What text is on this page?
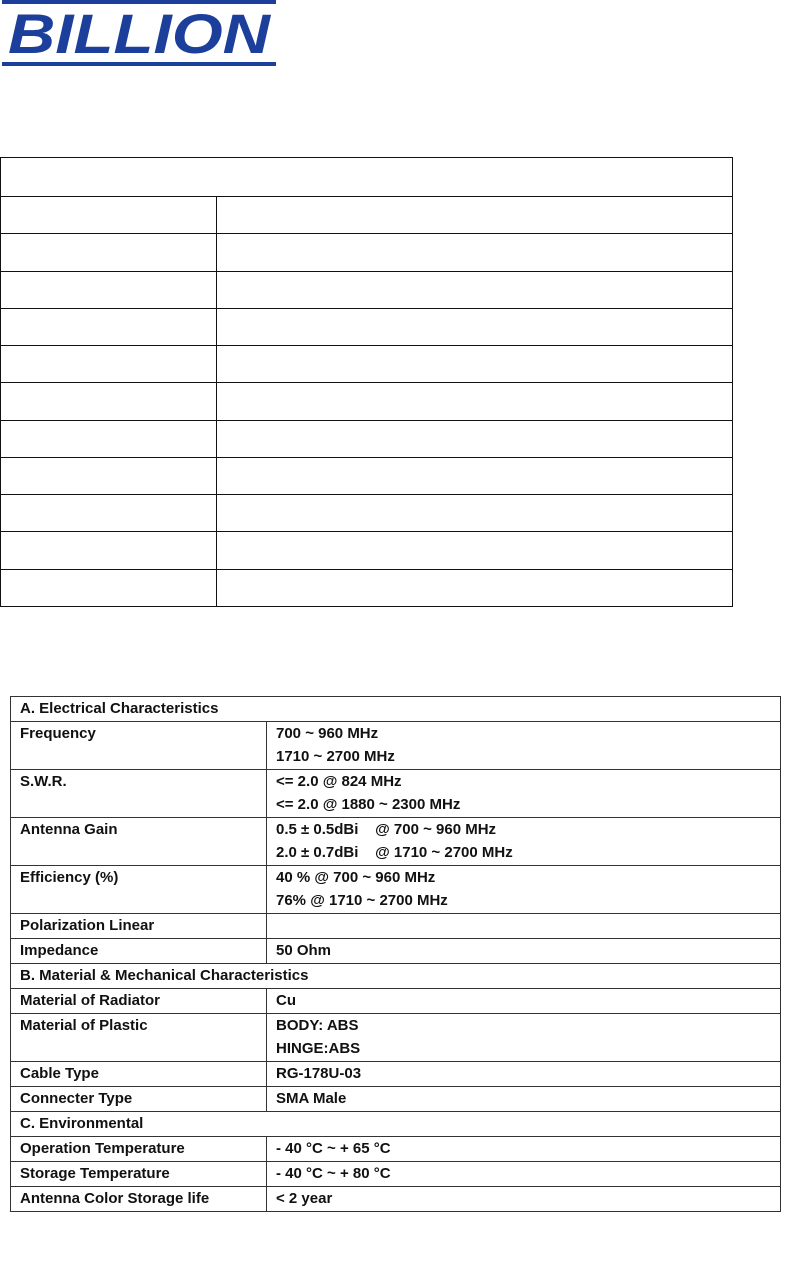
BILLION

A. Electrical Characteristics	
Frequency	700 ~ 960 MHz
1710 ~ 2700 MHz

S.W.R.	<= 2.0 @ 824 MHz
<= 2.0 @ 1880 ~ 2300 MHz

Antenna Gain	0.5 ± 0.5dBi    @ 700 ~ 960 MHz
2.0 ± 0.7dBi    @ 1710 ~ 2700 MHz

Efficiency (%)	40 % @ 700 ~ 960 MHz
76% @ 1710 ~ 2700 MHz

Polarization Linear	

Impedance	50 Ohm

B. Material & Mechanical Characteristics	
Material of Radiator	Cu

Material of Plastic	BODY: ABS
HINGE:ABS

Cable Type	RG-178U-03

Connecter Type	SMA Male

C. Environmental	
Operation Temperature	- 40 °C ~ + 65 °C

Storage Temperature	- 40 °C ~ + 80 °C

Antenna Color Storage life	< 2 year
